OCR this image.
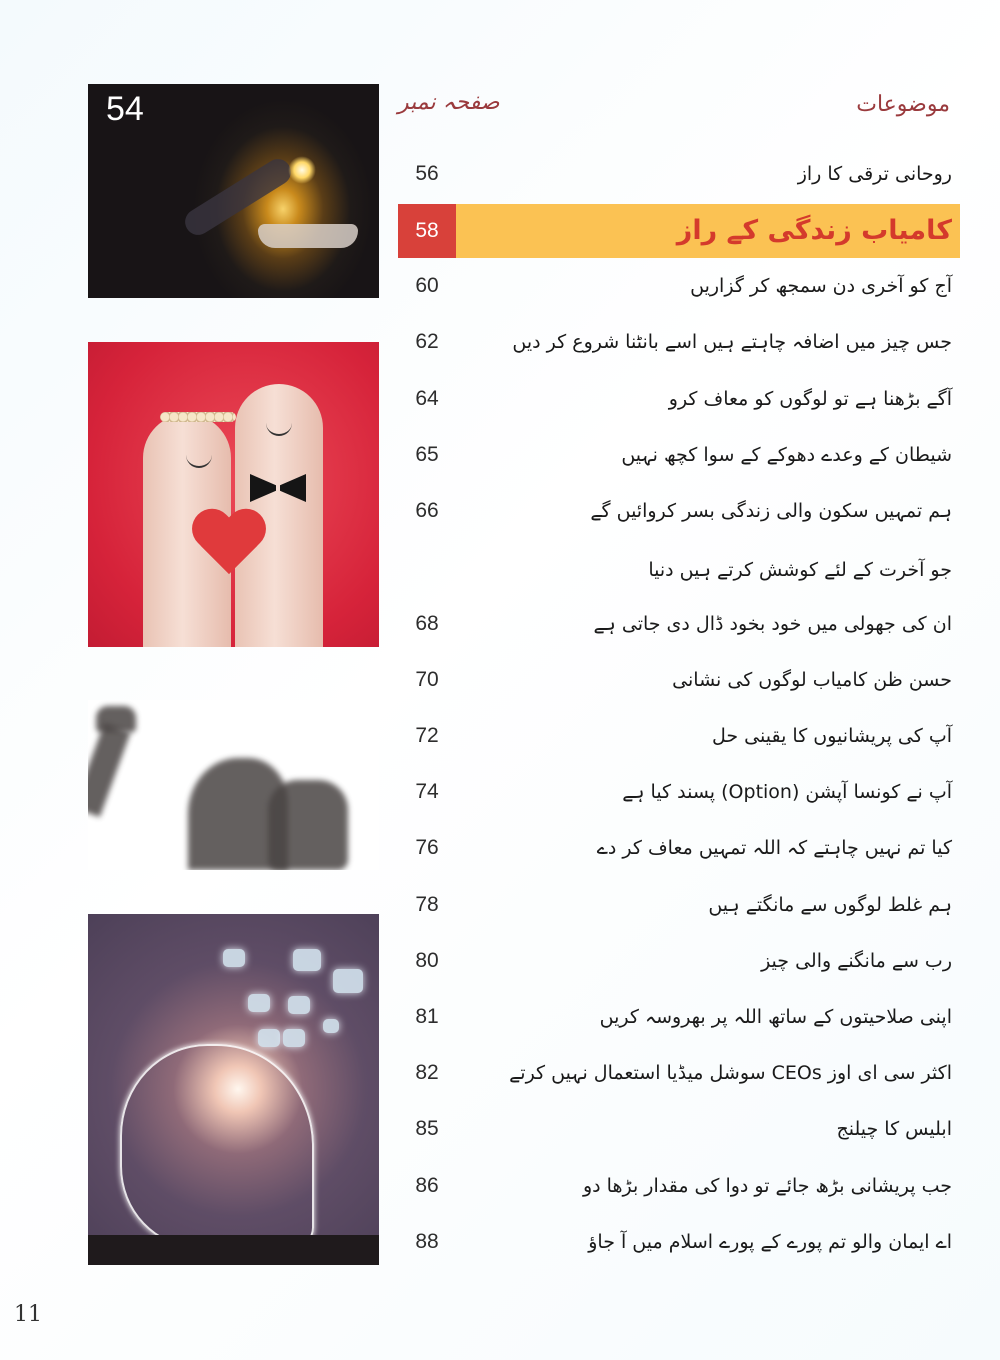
54	صفحہ نمبر	موضوعات
56	روحانی ترقی کا راز
58	کامیاب زندگی کے راز
60	آج کو آخری دن سمجھ کر گزاریں
62	جس چیز میں اضافہ چاہتے ہیں اسے بانٹنا شروع کر دیں
64	آگے بڑھنا ہے تو لوگوں کو معاف کرو
65	شیطان کے وعدے دھوکے کے سوا کچھ نہیں
66	ہم تمہیں سکون والی زندگی بسر کروائیں گے
جو آخرت کے لئے کوشش کرتے ہیں دنیا
68	ان کی جھولی میں خود بخود ڈال دی جاتی ہے
70	حسن ظن کامیاب لوگوں کی نشانی
72	آپ کی پریشانیوں کا یقینی حل
74	آپ نے کونسا آپشن (Option) پسند کیا ہے
76	کیا تم نہیں چاہتے کہ اللہ تمہیں معاف کر دے
78	ہم غلط لوگوں سے مانگتے ہیں
80	رب سے مانگنے والی چیز
81	اپنی صلاحیتوں کے ساتھ اللہ پر بھروسہ کریں
82	اکثر سی ای اوز CEOs سوشل میڈیا استعمال نہیں کرتے
85	ابلیس کا چیلنج
86	جب پریشانی بڑھ جائے تو دوا کی مقدار بڑھا دو
88	اے ایمان والو تم پورے کے پورے اسلام میں آ جاؤ
11
